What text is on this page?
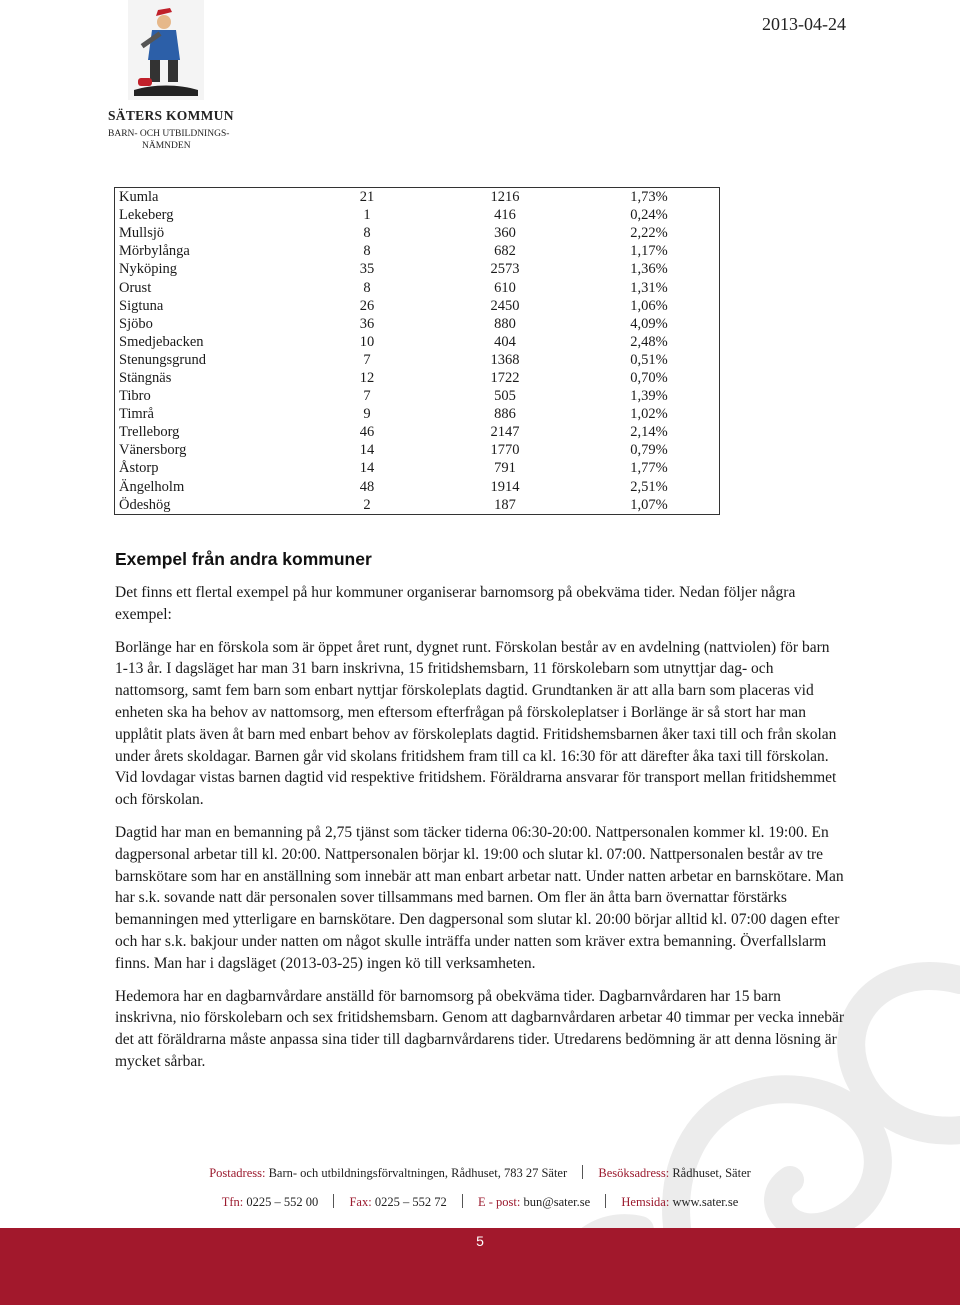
SÄTERS KOMMUN
BARN- OCH UTBILDNINGS-
NÄMNDEN
2013-04-24
Kumla	21	1216	1,73%
Lekeberg	1	416	0,24%
Mullsjö	8	360	2,22%
Mörbylånga	8	682	1,17%
Nyköping	35	2573	1,36%
Orust	8	610	1,31%
Sigtuna	26	2450	1,06%
Sjöbo	36	880	4,09%
Smedjebacken	10	404	2,48%
Stenungsgrund	7	1368	0,51%
Stängnäs	12	1722	0,70%
Tibro	7	505	1,39%
Timrå	9	886	1,02%
Trelleborg	46	2147	2,14%
Vänersborg	14	1770	0,79%
Åstorp	14	791	1,77%
Ängelholm	48	1914	2,51%
Ödeshög	2	187	1,07%
Exempel från andra kommuner

Det finns ett flertal exempel på hur kommuner organiserar barnomsorg på obekväma tider. Nedan följer några exempel:

Borlänge har en förskola som är öppet året runt, dygnet runt. Förskolan består av en avdelning (nattviolen) för barn 1-13 år. I dagsläget har man 31 barn inskrivna, 15 fritidshemsbarn, 11 förskolebarn som utnyttjar dag- och nattomsorg, samt fem barn som enbart nyttjar förskoleplats dagtid. Grundtanken är att alla barn som placeras vid enheten ska ha behov av nattomsorg, men eftersom efterfrågan på förskoleplatser i Borlänge är så stort har man upplåtit plats även åt barn med enbart behov av förskoleplats dagtid. Fritidshemsbarnen åker taxi till och från skolan under årets skoldagar. Barnen går vid skolans fritidshem fram till ca kl. 16:30 för att därefter åka taxi till förskolan. Vid lovdagar vistas barnen dagtid vid respektive fritidshem. Föräldrarna ansvarar för transport mellan fritidshemmet och förskolan.

Dagtid har man en bemanning på 2,75 tjänst som täcker tiderna 06:30-20:00. Nattpersonalen kommer kl. 19:00. En dagpersonal arbetar till kl. 20:00. Nattpersonalen börjar kl. 19:00 och slutar kl. 07:00. Nattpersonalen består av tre barnskötare som har en anställning som innebär att man enbart arbetar natt. Under natten arbetar en barnskötare. Man har s.k. sovande natt där personalen sover tillsammans med barnen. Om fler än åtta barn övernattar förstärks bemanningen med ytterligare en barnskötare. Den dagpersonal som slutar kl. 20:00 börjar alltid kl. 07:00 dagen efter och har s.k. bakjour under natten om något skulle inträffa under natten som kräver extra bemanning. Överfallslarm finns. Man har i dagsläget (2013-03-25) ingen kö till verksamheten.

Hedemora har en dagbarnvårdare anställd för barnomsorg på obekväma tider. Dagbarnvårdaren har 15 barn inskrivna, nio förskolebarn och sex fritidshemsbarn. Genom att dagbarnvårdaren arbetar 40 timmar per vecka innebär det att föräldrarna måste anpassa sina tider till dagbarnvårdarens tider. Utredarens bedömning är att denna lösning är mycket sårbar.

Postadress: Barn- och utbildningsförvaltningen, Rådhuset, 783 27 Säter	Besöksadress: Rådhuset, Säter
Tfn: 0225 – 552 00	Fax: 0225 – 552 72	E - post: bun@sater.se	Hemsida: www.sater.se
5
